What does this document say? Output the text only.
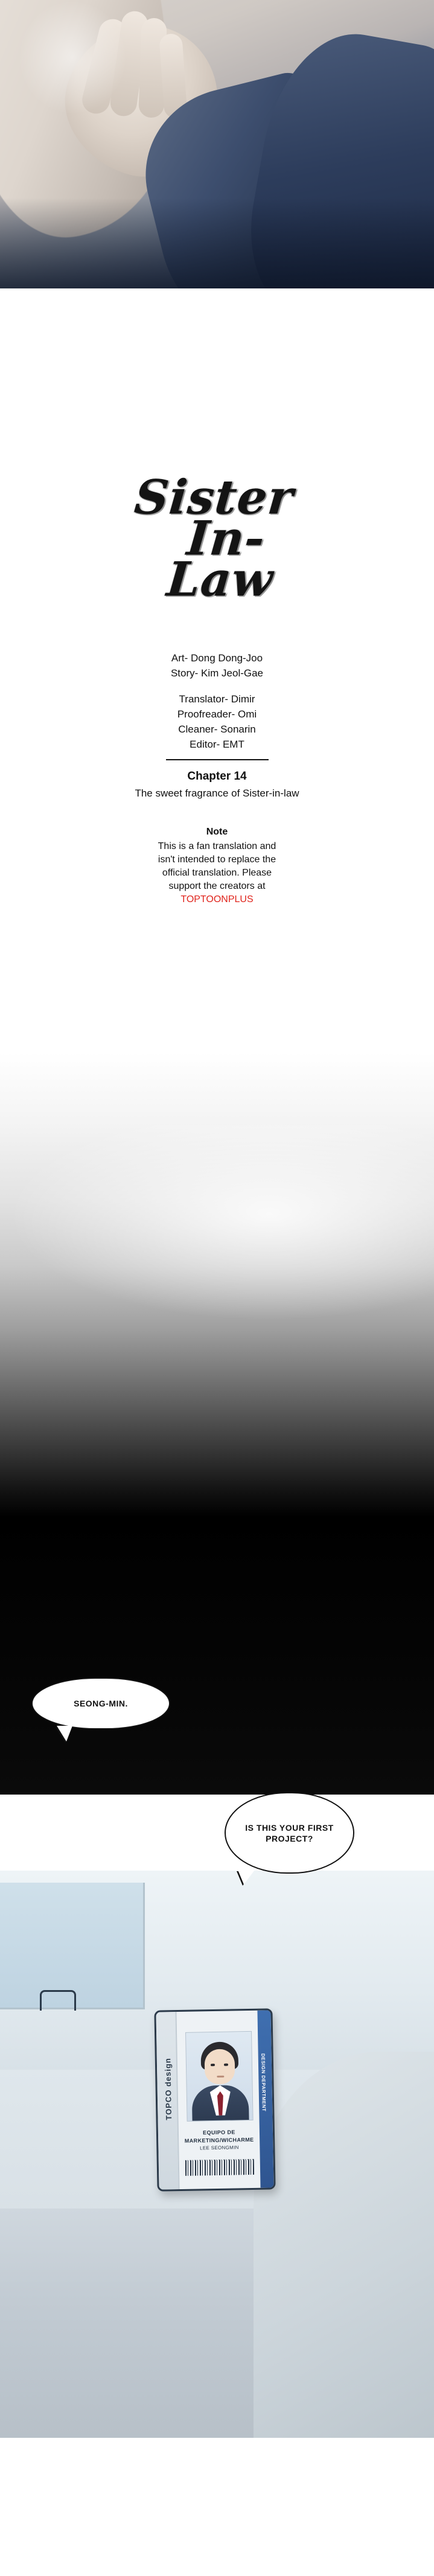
Sister
In-
Law
Art- Dong Dong-Joo
Story- Kim Jeol-Gae
Translator- Dimir
Proofreader- Omi
Cleaner- Sonarin
Editor- EMT
Chapter 14
The sweet fragrance of Sister-in-law
Note
This is a fan translation and
isn't intended to replace the
official translation. Please
support the creators at
TOPTOONPLUS
SEONG-MIN.
IS THIS YOUR FIRST PROJECT?
TOPCO design	DESIGN DEPARTMENT
EQUIPO DE
MARKETING/WICHARME
LEE SEONGMIN
